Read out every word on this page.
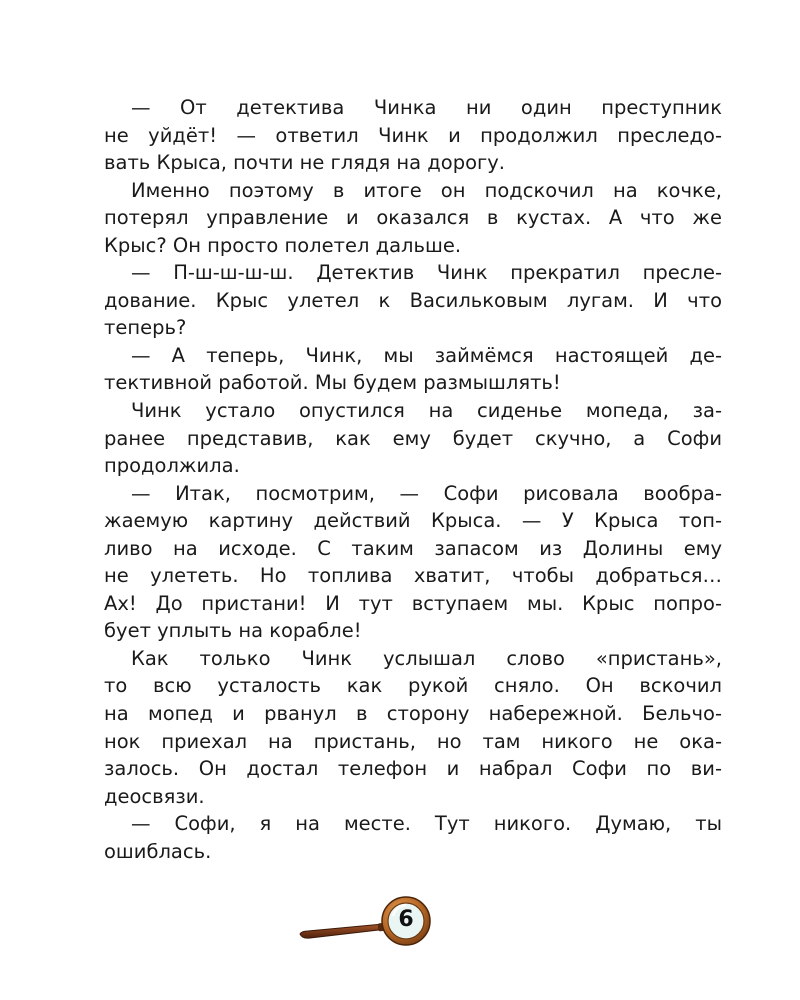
— От детектива Чинка ни один преступник
не уйдёт! — ответил Чинк и продолжил преследо-
вать Крыса, почти не глядя на дорогу.
Именно поэтому в итоге он подскочил на кочке,
потерял управление и оказался в кустах. А что же
Крыс? Он просто полетел дальше.
— П-ш-ш-ш-ш. Детектив Чинк прекратил пресле-
дование. Крыс улетел к Васильковым лугам. И что
теперь?
— А теперь, Чинк, мы займёмся настоящей де-
тективной работой. Мы будем размышлять!
Чинк устало опустился на сиденье мопеда, за-
ранее представив, как ему будет скучно, а Софи
продолжила.
— Итак, посмотрим, — Софи рисовала вообра-
жаемую картину действий Крыса. — У Крыса топ-
ливо на исходе. С таким запасом из Долины ему
не улететь. Но топлива хватит, чтобы добраться…
Ах! До пристани! И тут вступаем мы. Крыс попро-
бует уплыть на корабле!
Как только Чинк услышал слово «пристань»,
то всю усталость как рукой сняло. Он вскочил
на мопед и рванул в сторону набережной. Бельчо-
нок приехал на пристань, но там никого не ока-
залось. Он достал телефон и набрал Софи по ви-
деосвязи.
— Софи, я на месте. Тут никого. Думаю, ты
ошиблась.
6
